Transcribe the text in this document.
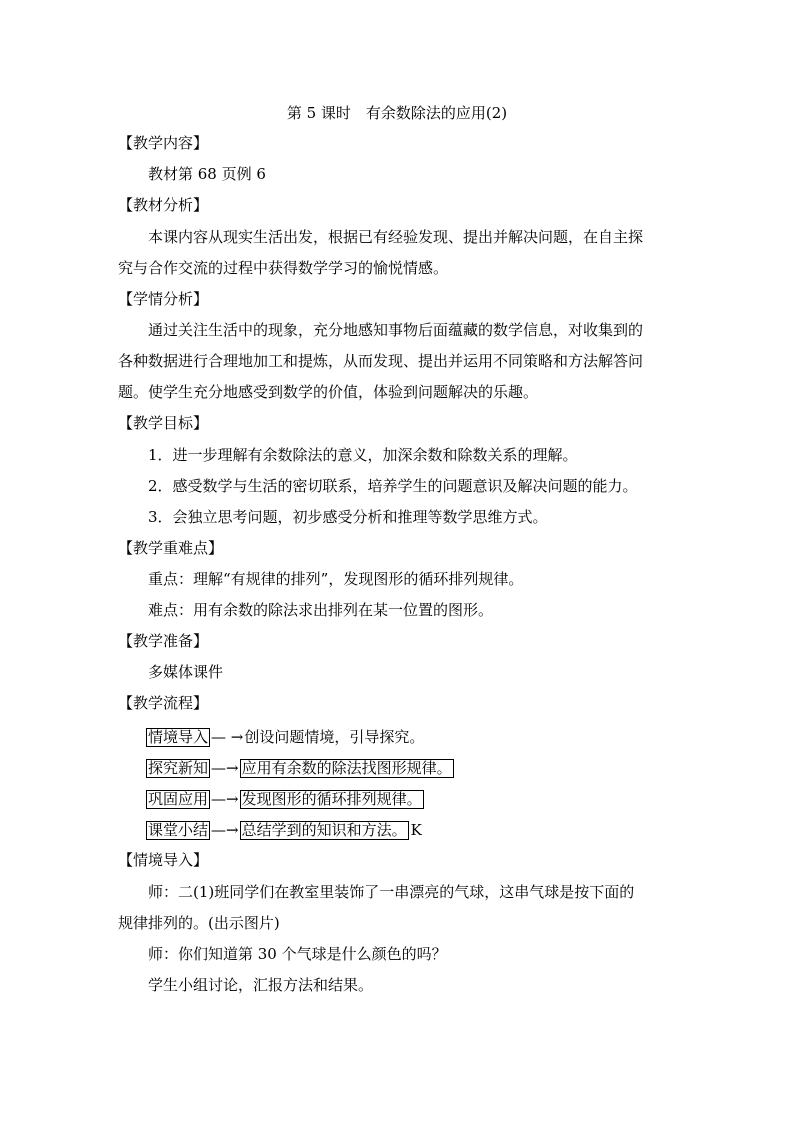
第 5 课时　有余数除法的应用(2)
【教学内容】
教材第 68 页例 6
【教材分析】
本课内容从现实生活出发，根据已有经验发现、提出并解决问题，在自主探
究与合作交流的过程中获得数学学习的愉悦情感。
【学情分析】
通过关注生活中的现象，充分地感知事物后面蕴藏的数学信息，对收集到的
各种数据进行合理地加工和提炼，从而发现、提出并运用不同策略和方法解答问
题。使学生充分地感受到数学的价值，体验到问题解决的乐趣。
【教学目标】
1．进一步理解有余数除法的意义，加深余数和除数关系的理解。
2．感受数学与生活的密切联系，培养学生的问题意识及解决问题的能力。
3．会独立思考问题，初步感受分析和推理等数学思维方式。
【教学重难点】
重点：理解“有规律的排列”，发现图形的循环排列规律。
难点：用有余数的除法求出排列在某一位置的图形。
【教学准备】
多媒体课件
【教学流程】
情境导入 — → 创设问题情境，引导探究。
探究新知 —→ 应用有余数的除法找图形规律。
巩固应用 —→ 发现图形的循环排列规律。
课堂小结 —→ 总结学到的知识和方法。 K
【情境导入】
师：二(1)班同学们在教室里装饰了一串漂亮的气球，这串气球是按下面的
规律排列的。(出示图片)
师：你们知道第 30 个气球是什么颜色的吗？
学生小组讨论，汇报方法和结果。
